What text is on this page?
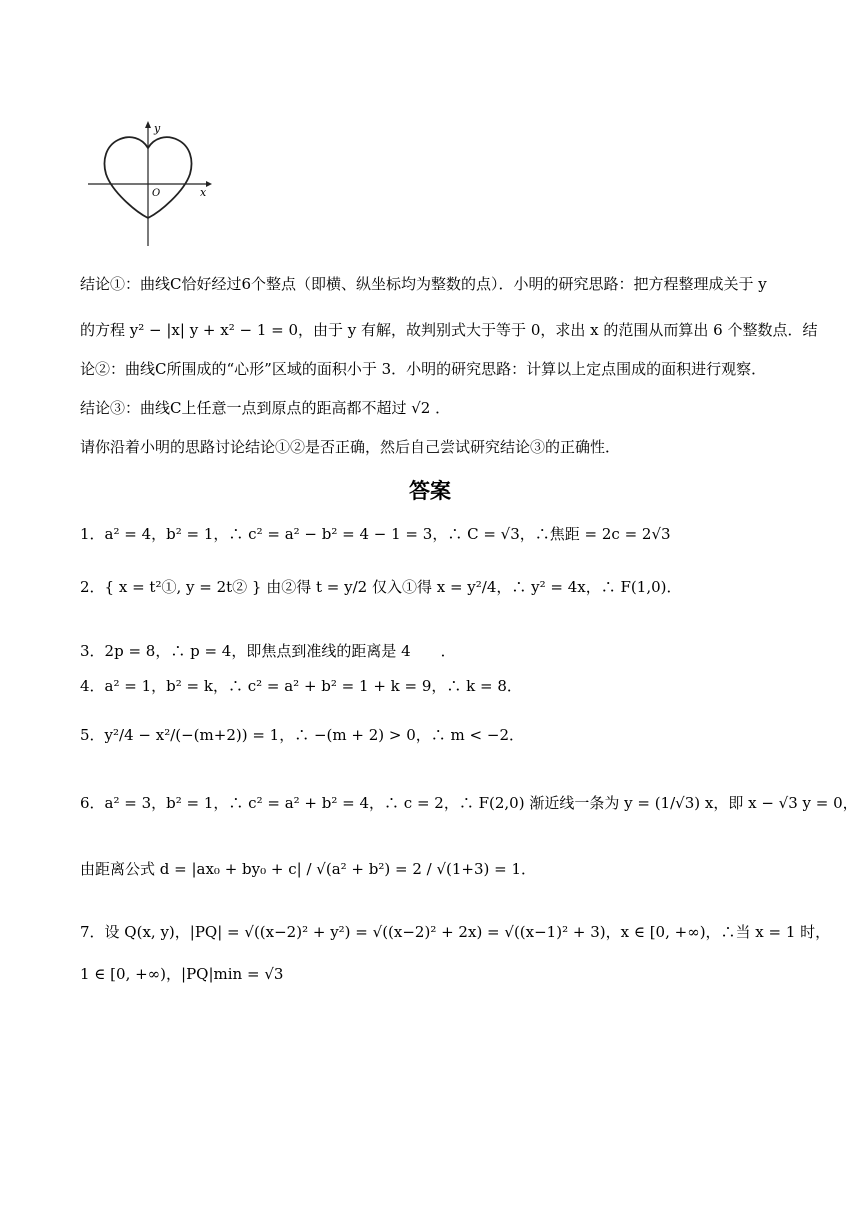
y
x
O
结论①：曲线C恰好经过6个整点（即横、纵坐标均为整数的点）．小明的研究思路：把方程整理成关于 y
的方程 y² − |x| y + x² − 1 = 0，由于 y 有解，故判别式大于等于 0，求出 x 的范围从而算出 6 个整数点．结
论②：曲线C所围成的“心形”区域的面积小于 3．小明的研究思路：计算以上定点围成的面积进行观察．
结论③：曲线C上任意一点到原点的距高都不超过 √2 ．
请你沿着小明的思路讨论结论①②是否正确，然后自己尝试研究结论③的正确性．
答案
1．a² = 4，b² = 1，∴ c² = a² − b² = 4 − 1 = 3，∴ C = √3，∴焦距 = 2c = 2√3
2．{ x = t²①, y = 2t② } 由②得 t = y/2 仅入①得 x = y²/4，∴ y² = 4x，∴ F(1,0)．
3．2p = 8，∴ p = 4，即焦点到准线的距离是 4　　．
4．a² = 1，b² = k，∴ c² = a² + b² = 1 + k = 9，∴ k = 8．
5．y²/4 − x²/(−(m+2)) = 1，∴ −(m + 2) > 0，∴ m < −2．
6．a² = 3，b² = 1，∴ c² = a² + b² = 4，∴ c = 2，∴ F(2,0) 渐近线一条为 y = (1/√3) x，即 x − √3 y = 0，
由距离公式 d = |ax₀ + by₀ + c| / √(a² + b²) = 2 / √(1+3) = 1．
7．设 Q(x, y)，|PQ| = √((x−2)² + y²) = √((x−2)² + 2x) = √((x−1)² + 3)，x ∈ [0, +∞)，∴当 x = 1 时，
1 ∈ [0, +∞)，|PQ|min = √3
